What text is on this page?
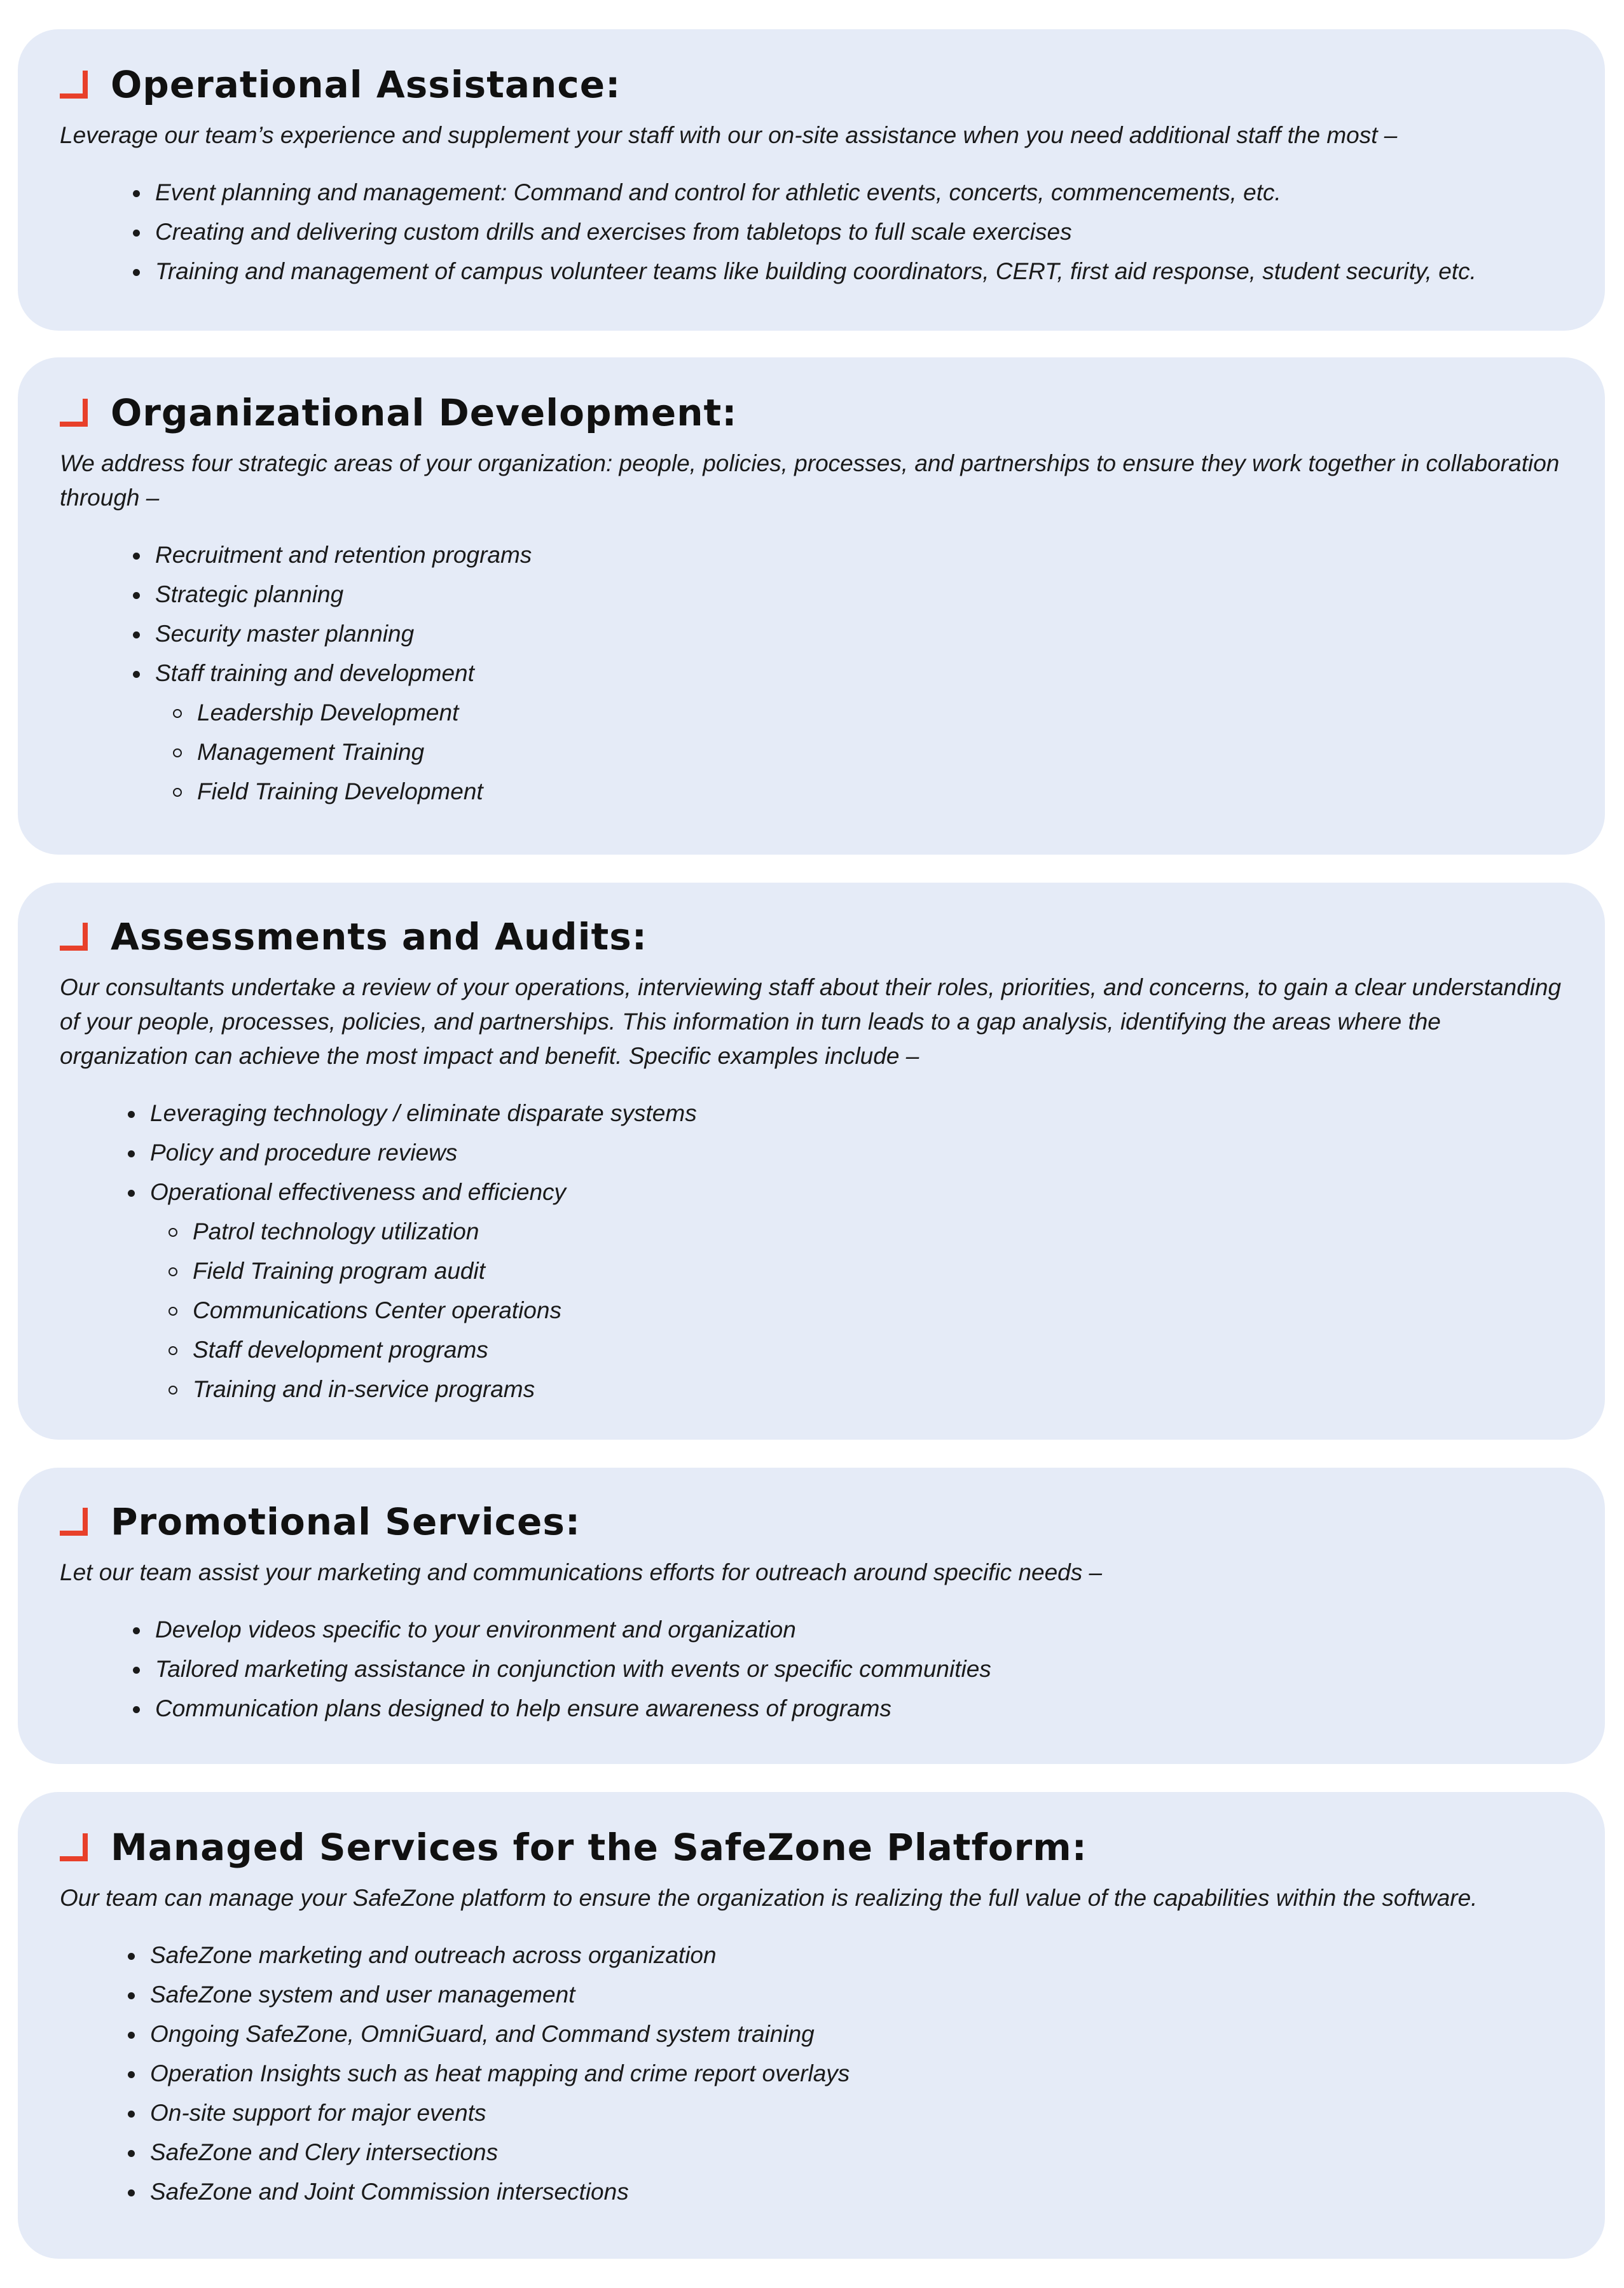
Operational Assistance:

Leverage our team’s experience and supplement your staff with our on-site assistance when you need additional staff the most –

Event planning and management: Command and control for athletic events, concerts, commencements, etc.
Creating and delivering custom drills and exercises from tabletops to full scale exercises
Training and management of campus volunteer teams like building coordinators, CERT, first aid response, student security, etc.
Organizational Development:

We address four strategic areas of your organization: people, policies, processes, and partnerships to ensure they work together in collaboration through –

Recruitment and retention programs
Strategic planning
Security master planning
Staff training and development
Leadership Development
Management Training
Field Training Development
Assessments and Audits:

Our consultants undertake a review of your operations, interviewing staff about their roles, priorities, and concerns, to gain a clear understanding of your people, processes, policies, and partnerships. This information in turn leads to a gap analysis, identifying the areas where the organization can achieve the most impact and benefit. Specific examples include –

Leveraging technology / eliminate disparate systems
Policy and procedure reviews
Operational effectiveness and efficiency
Patrol technology utilization
Field Training program audit
Communications Center operations
Staff development programs
Training and in-service programs
Promotional Services:

Let our team assist your marketing and communications efforts for outreach around specific needs –

Develop videos specific to your environment and organization
Tailored marketing assistance in conjunction with events or specific communities
Communication plans designed to help ensure awareness of programs
Managed Services for the SafeZone Platform:

Our team can manage your SafeZone platform to ensure the organization is realizing the full value of the capabilities within the software.

SafeZone marketing and outreach across organization
SafeZone system and user management
Ongoing SafeZone, OmniGuard, and Command system training
Operation Insights such as heat mapping and crime report overlays
On-site support for major events
SafeZone and Clery intersections
SafeZone and Joint Commission intersections
